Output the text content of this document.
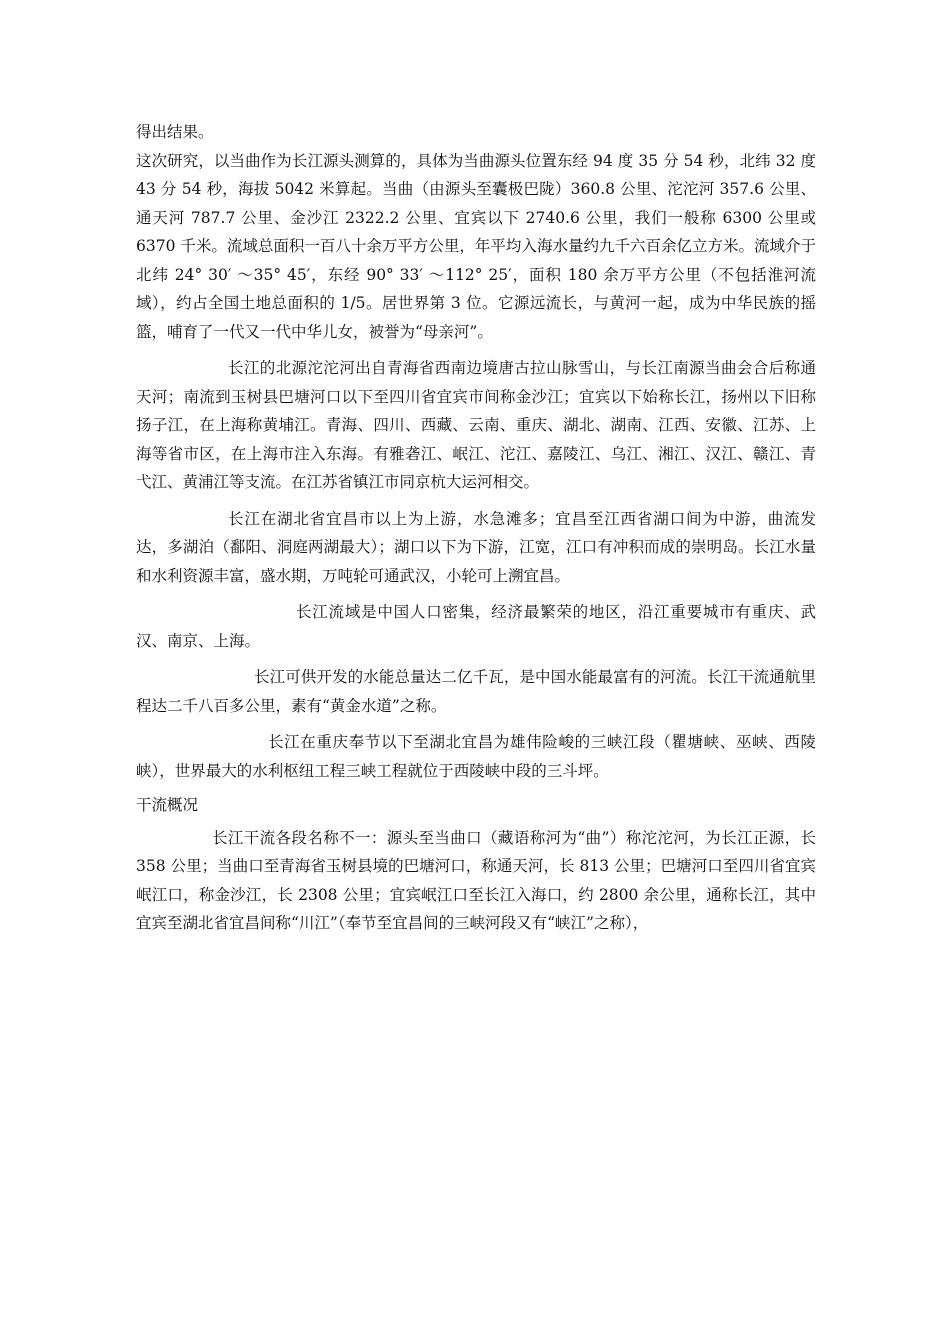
得出结果。

这次研究，以当曲作为长江源头测算的，具体为当曲源头位置东经 94 度 35 分 54 秒，北纬 32 度 43 分 54 秒，海拔 5042 米算起。当曲（由源头至囊极巴陇）360.8 公里、沱沱河 357.6 公里、通天河 787.7 公里、金沙江 2322.2 公里、宜宾以下 2740.6 公里，我们一般称 6300 公里或 6370 千米。流域总面积一百八十余万平方公里，年平均入海水量约九千六百余亿立方米。流域介于北纬 24° 30′ ～35° 45′，东经 90° 33′ ～112° 25′，面积 180 余万平方公里（不包括淮河流域），约占全国土地总面积的 1/5。居世界第 3 位。它源远流长，与黄河一起，成为中华民族的摇篮，哺育了一代又一代中华儿女，被誉为“母亲河”。

长江的北源沱沱河出自青海省西南边境唐古拉山脉雪山，与长江南源当曲会合后称通天河；南流到玉树县巴塘河口以下至四川省宜宾市间称金沙江；宜宾以下始称长江，扬州以下旧称扬子江，在上海称黄埔江。青海、四川、西藏、云南、重庆、湖北、湖南、江西、安徽、江苏、上海等省市区，在上海市注入东海。有雅砻江、岷江、沱江、嘉陵江、乌江、湘江、汉江、赣江、青弋江、黄浦江等支流。在江苏省镇江市同京杭大运河相交。

长江在湖北省宜昌市以上为上游，水急滩多；宜昌至江西省湖口间为中游，曲流发达，多湖泊（鄱阳、洞庭两湖最大）；湖口以下为下游，江宽，江口有冲积而成的崇明岛。长江水量和水利资源丰富，盛水期，万吨轮可通武汉，小轮可上溯宜昌。

长江流域是中国人口密集，经济最繁荣的地区，沿江重要城市有重庆、武汉、南京、上海。

长江可供开发的水能总量达二亿千瓦，是中国水能最富有的河流。长江干流通航里程达二千八百多公里，素有“黄金水道”之称。

长江在重庆奉节以下至湖北宜昌为雄伟险峻的三峡江段（瞿塘峡、巫峡、西陵峡），世界最大的水利枢纽工程三峡工程就位于西陵峡中段的三斗坪。

干流概况

长江干流各段名称不一：源头至当曲口（藏语称河为“曲”）称沱沱河，为长江正源，长 358 公里；当曲口至青海省玉树县境的巴塘河口，称通天河，长 813 公里；巴塘河口至四川省宜宾岷江口，称金沙江，长 2308 公里；宜宾岷江口至长江入海口，约 2800 余公里，通称长江，其中宜宾至湖北省宜昌间称“川江”（奉节至宜昌间的三峡河段又有“峡江”之称），
